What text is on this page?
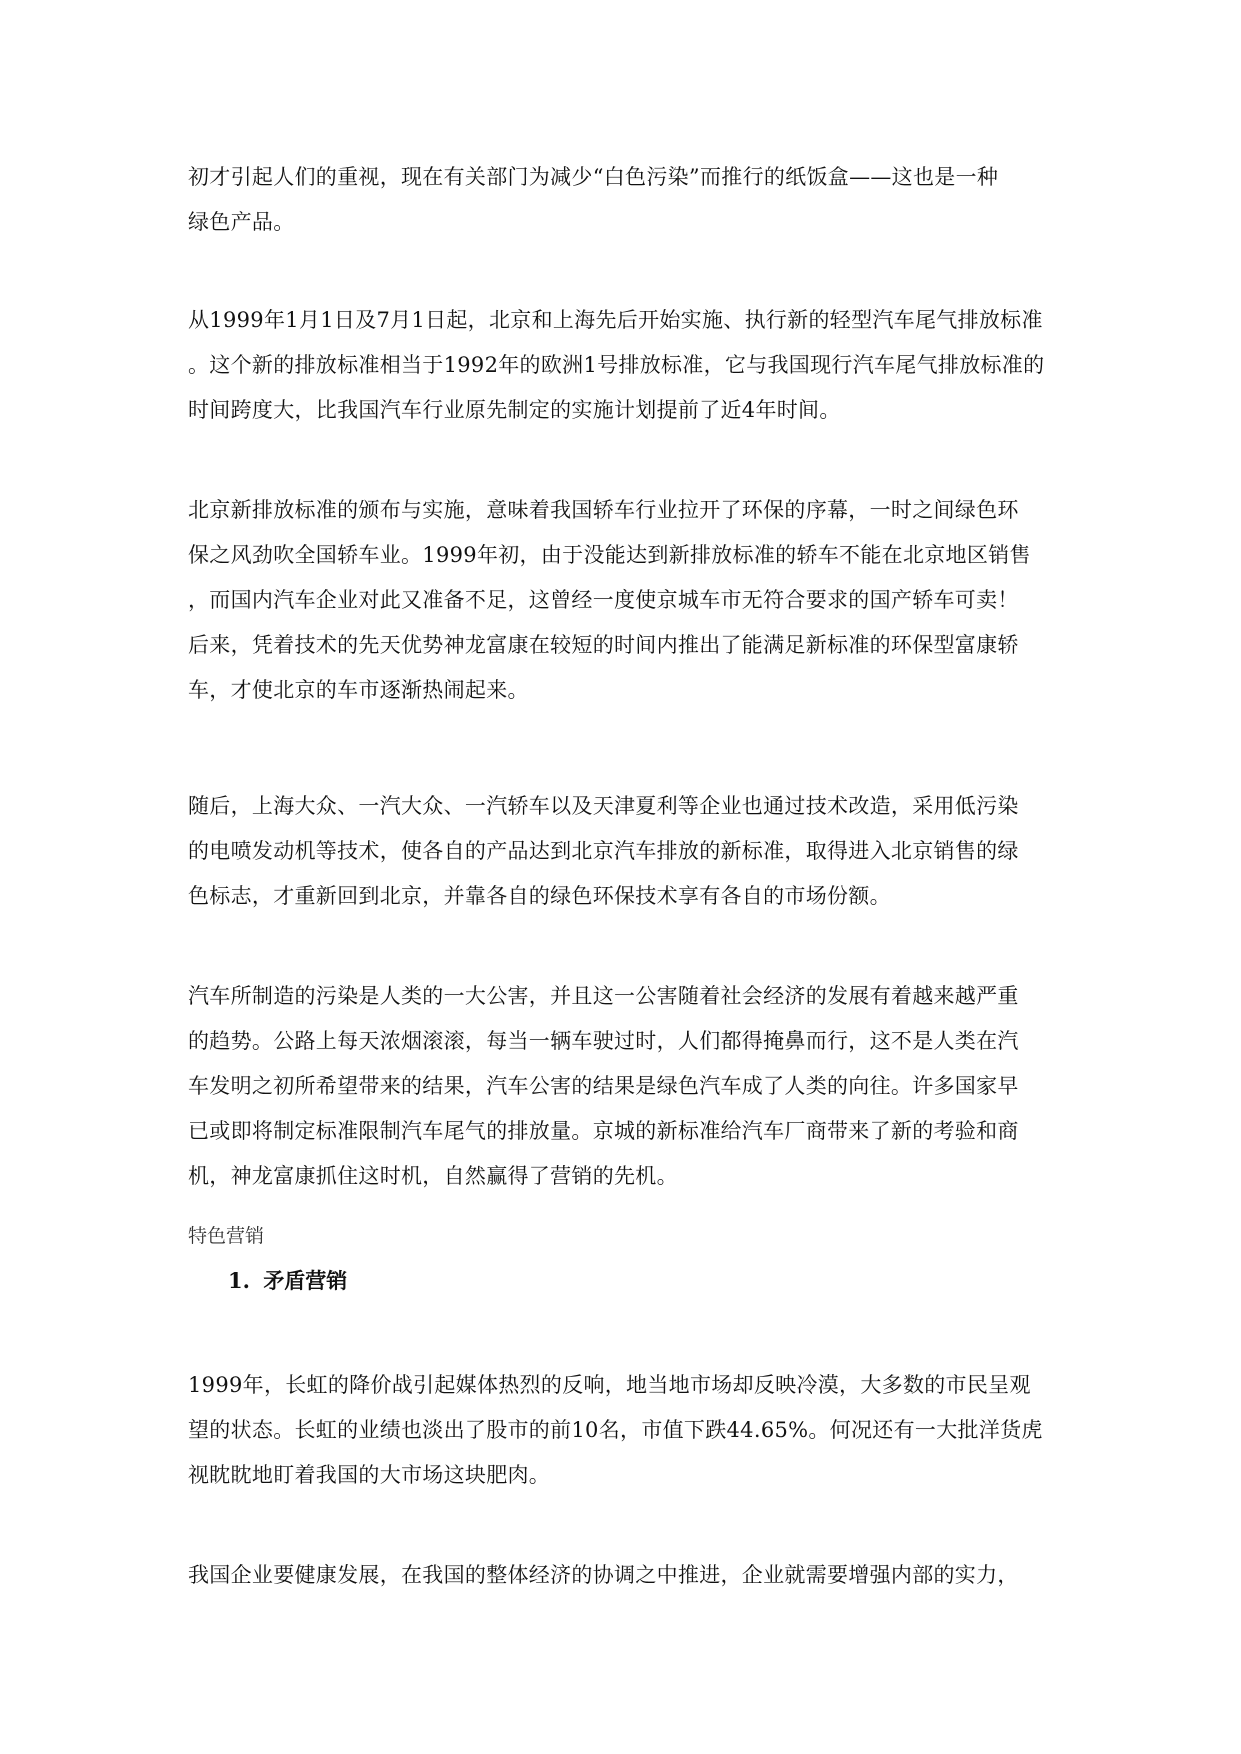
初才引起人们的重视，现在有关部门为减少“白色污染”而推行的纸饭盒——这也是一种
绿色产品。

从1999年1月1日及7月1日起，北京和上海先后开始实施、执行新的轻型汽车尾气排放标准
。这个新的排放标准相当于1992年的欧洲1号排放标准，它与我国现行汽车尾气排放标准的
时间跨度大，比我国汽车行业原先制定的实施计划提前了近4年时间。

北京新排放标准的颁布与实施，意味着我国轿车行业拉开了环保的序幕，一时之间绿色环
保之风劲吹全国轿车业。1999年初，由于没能达到新排放标准的轿车不能在北京地区销售
，而国内汽车企业对此又准备不足，这曾经一度使京城车市无符合要求的国产轿车可卖！
后来，凭着技术的先天优势神龙富康在较短的时间内推出了能满足新标准的环保型富康轿
车，才使北京的车市逐渐热闹起来。

随后，上海大众、一汽大众、一汽轿车以及天津夏利等企业也通过技术改造，采用低污染
的电喷发动机等技术，使各自的产品达到北京汽车排放的新标准，取得进入北京销售的绿
色标志，才重新回到北京，并靠各自的绿色环保技术享有各自的市场份额。

汽车所制造的污染是人类的一大公害，并且这一公害随着社会经济的发展有着越来越严重
的趋势。公路上每天浓烟滚滚，每当一辆车驶过时，人们都得掩鼻而行，这不是人类在汽
车发明之初所希望带来的结果，汽车公害的结果是绿色汽车成了人类的向往。许多国家早
已或即将制定标准限制汽车尾气的排放量。京城的新标准给汽车厂商带来了新的考验和商
机，神龙富康抓住这时机，自然赢得了营销的先机。

特色营销
1. 矛盾营销

1999年，长虹的降价战引起媒体热烈的反响，地当地市场却反映冷漠，大多数的市民呈观
望的状态。长虹的业绩也淡出了股市的前10名，市值下跌44.65%。何况还有一大批洋货虎
视眈眈地盯着我国的大市场这块肥肉。

我国企业要健康发展，在我国的整体经济的协调之中推进，企业就需要增强内部的实力，
